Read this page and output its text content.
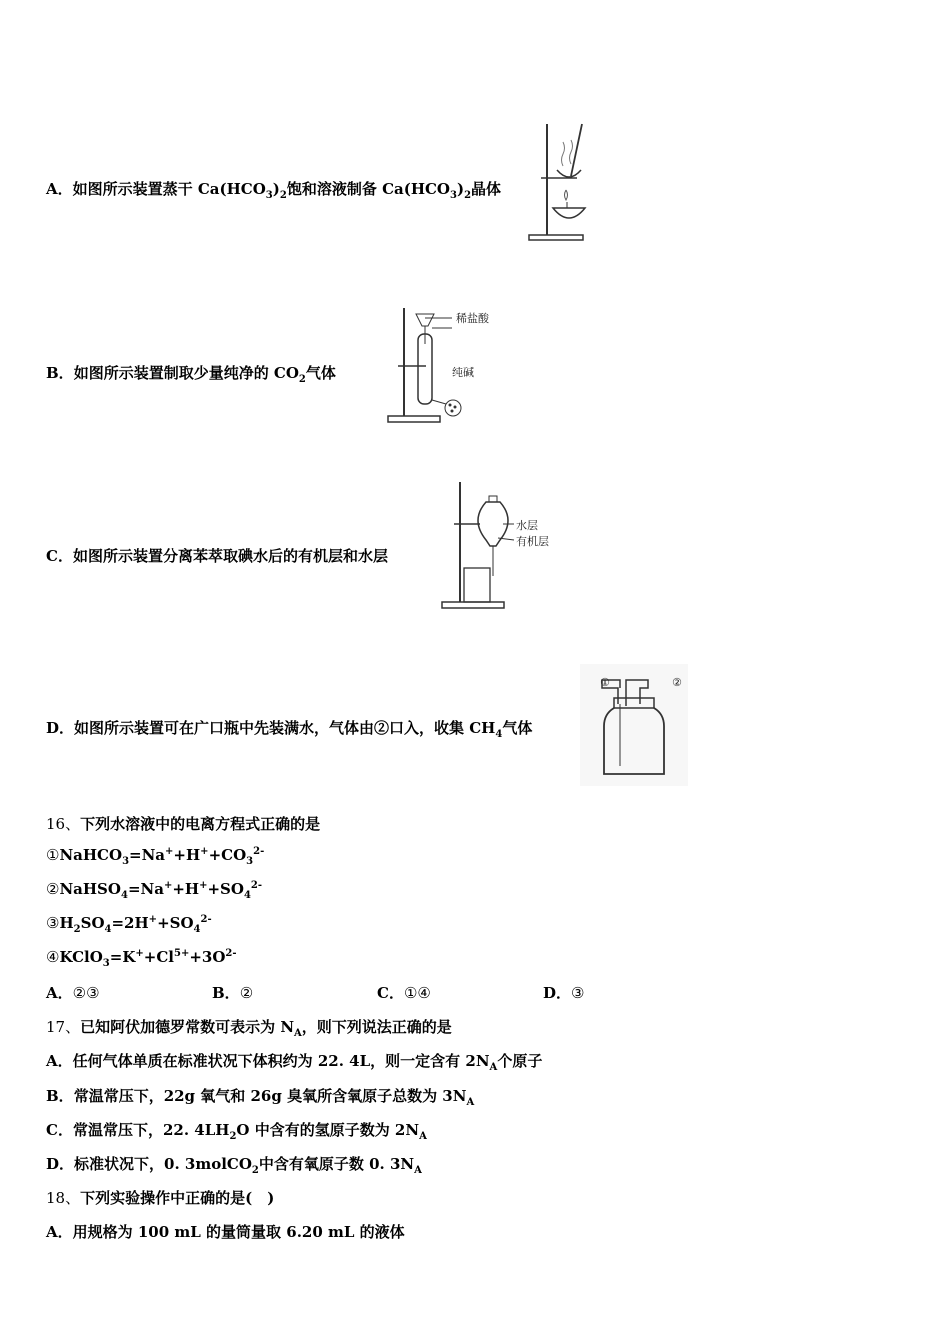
A．如图所示装置蒸干 $Ca(HCO_3)_2$饱和溶液制备 $Ca(HCO_3)_2$晶体
B．如图所示装置制取少量纯净的 $CO_2$气体
稀盐酸
纯碱
C．如图所示装置分离苯萃取碘水后的有机层和水层
水层
有机层
D．如图所示装置可在广口瓶中先装满水，气体由②口入，收集 $CH_4$气体
①	②
16、下列水溶液中的电离方程式正确的是
$①NaHCO_3=Na^++H^++CO_3^{2-}$
$②NaHSO_4=Na^++H^++SO_4^{2-}$
$③H_2SO_4=2H^++SO_4^{2-}$
$④KClO_3=K^++Cl^{5+}+3O^{2-}$
A．②③	B．②	C．①④	D．③
17、已知阿伏加德罗常数可表示为 $N_A$，则下列说法正确的是
A．任何气体单质在标准状况下体积约为 22. 4L，则一定含有 $2N_A$个原子
B．常温常压下，22g 氧气和 26g 臭氧所含氧原子总数为 $3N_A$
C．常温常压下，22. $4LH_2O$ 中含有的氢原子数为 $2N_A$
D．标准状况下，0. 3molCO$_2$中含有氧原子数 0. $3N_A$
18、下列实验操作中正确的是(　)
A．用规格为 100 mL 的量筒量取 6.20 mL 的液体
